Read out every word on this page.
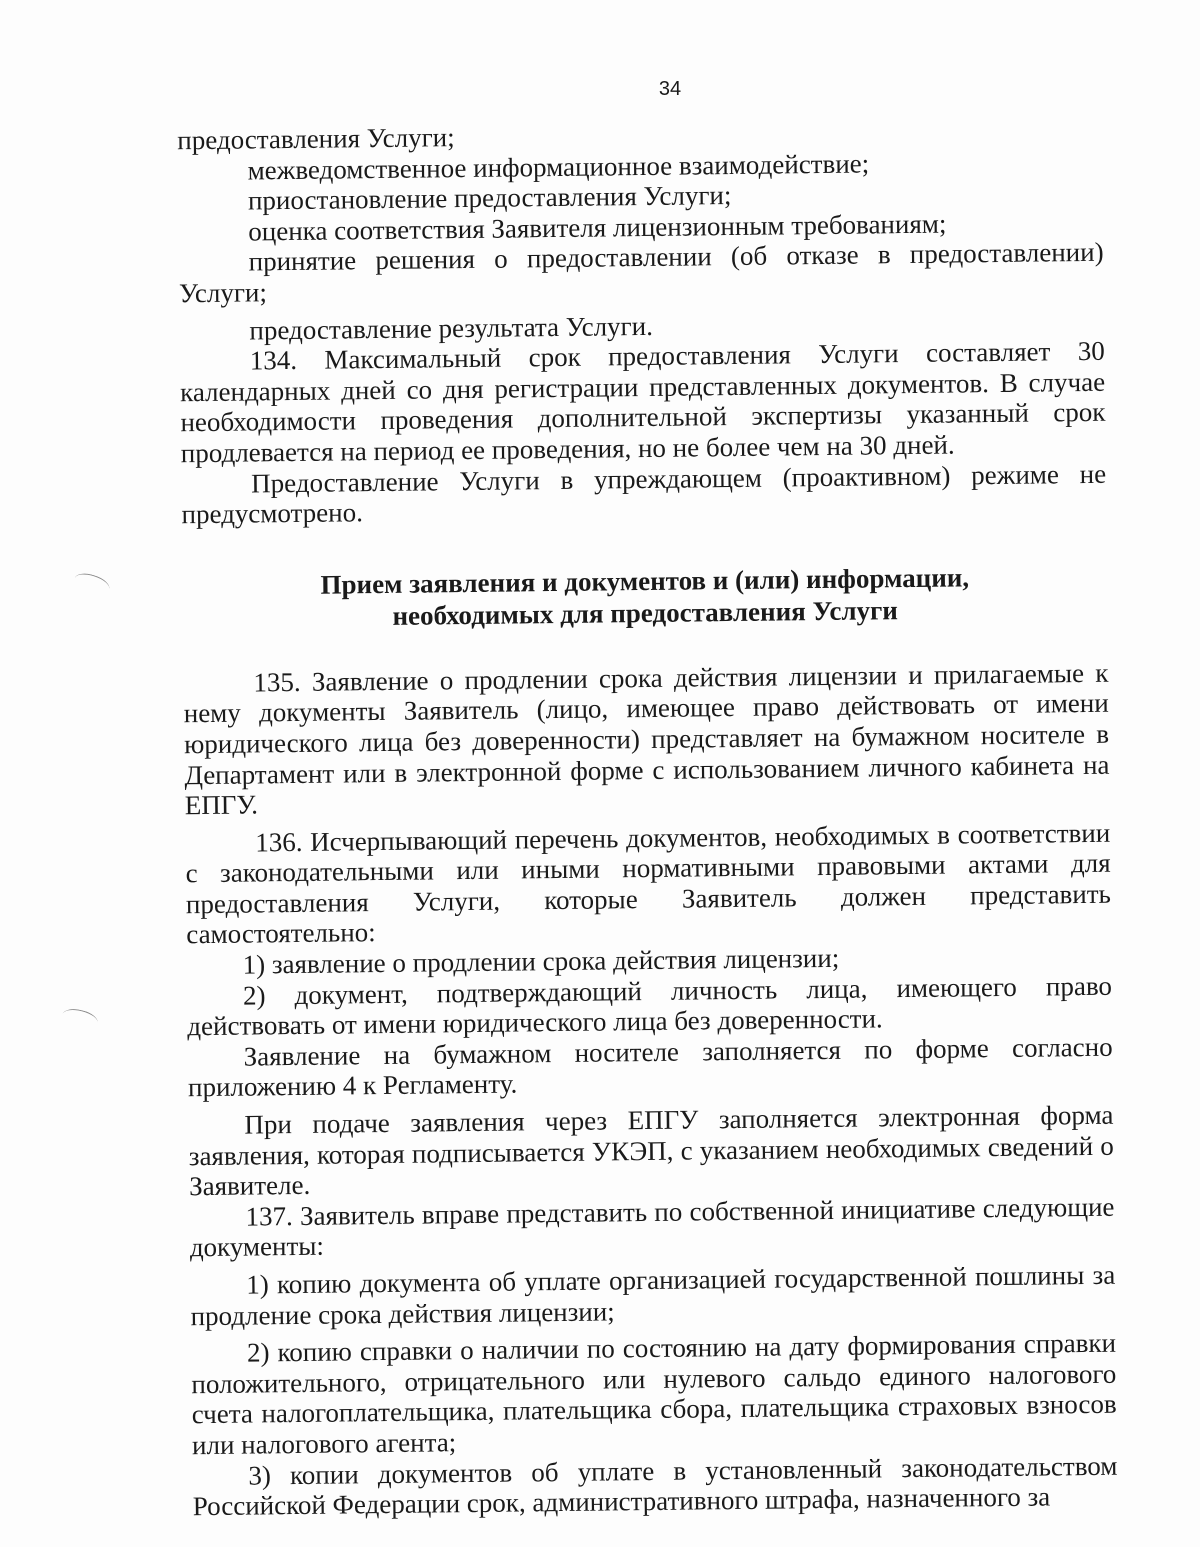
34

предоставления Услуги;

межведомственное информационное взаимодействие;

приостановление предоставления Услуги;

оценка соответствия Заявителя лицензионным требованиям;

принятие решения о предоставлении (об отказе в предоставлении) Услуги;

предоставление результата Услуги.

134. Максимальный срок предоставления Услуги составляет 30 календарных дней со дня регистрации представленных документов. В случае необходимости проведения дополнительной экспертизы указанный срок продлевается на период ее проведения, но не более чем на 30 дней.

Предоставление Услуги в упреждающем (проактивном) режиме не предусмотрено.

Прием заявления и документов и (или) информации,
необходимых для предоставления Услуги

135. Заявление о продлении срока действия лицензии и прилагаемые к нему документы Заявитель (лицо, имеющее право действовать от имени юридического лица без доверенности) представляет на бумажном носителе в Департамент или в электронной форме с использованием личного кабинета на ЕПГУ.

136. Исчерпывающий перечень документов, необходимых в соответствии с законодательными или иными нормативными правовыми актами для предоставления Услуги, которые Заявитель должен представить самостоятельно:

1) заявление о продлении срока действия лицензии;

2) документ, подтверждающий личность лица, имеющего право действовать от имени юридического лица без доверенности.

Заявление на бумажном носителе заполняется по форме согласно приложению 4 к Регламенту.

При подаче заявления через ЕПГУ заполняется электронная форма заявления, которая подписывается УКЭП, с указанием необходимых сведений о Заявителе.

137. Заявитель вправе представить по собственной инициативе следующие документы:

1) копию документа об уплате организацией государственной пошлины за продление срока действия лицензии;

2) копию справки о наличии по состоянию на дату формирования справки положительного, отрицательного или нулевого сальдо единого налогового счета налогоплательщика, плательщика сбора, плательщика страховых взносов или налогового агента;

3) копии документов об уплате в установленный законодательством Российской Федерации срок, административного штрафа, назначенного за
